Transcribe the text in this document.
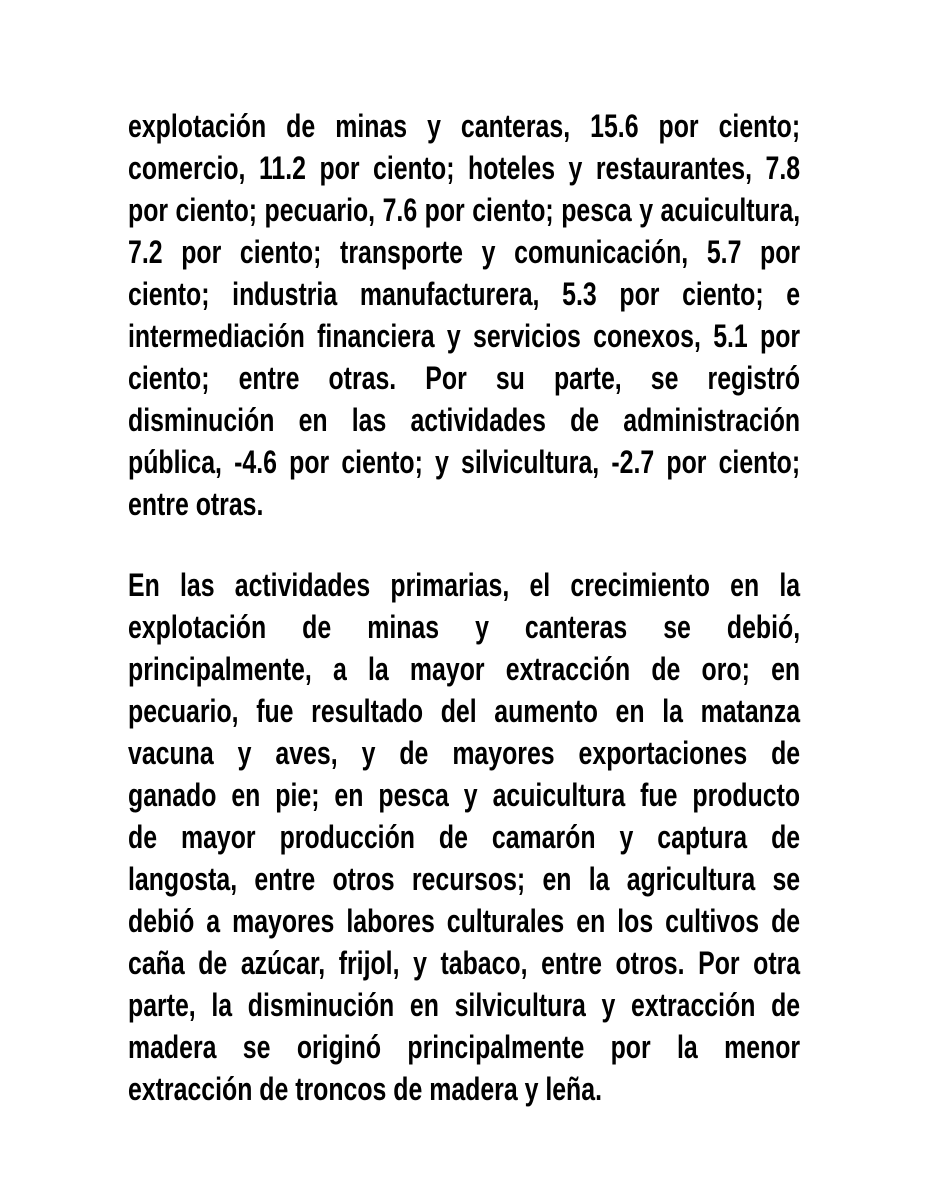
explotación de minas y canteras, 15.6 por ciento;
comercio, 11.2 por ciento; hoteles y restaurantes, 7.8
por ciento; pecuario, 7.6 por ciento; pesca y acuicultura,
7.2 por ciento; transporte y comunicación, 5.7 por
ciento; industria manufacturera, 5.3 por ciento; e
intermediación financiera y servicios conexos, 5.1 por
ciento; entre otras. Por su parte, se registró
disminución en las actividades de administración
pública, -4.6 por ciento; y silvicultura, -2.7 por ciento;
entre otras.
En las actividades primarias, el crecimiento en la
explotación de minas y canteras se debió,
principalmente, a la mayor extracción de oro; en
pecuario, fue resultado del aumento en la matanza
vacuna y aves, y de mayores exportaciones de
ganado en pie; en pesca y acuicultura fue producto
de mayor producción de camarón y captura de
langosta, entre otros recursos; en la agricultura se
debió a mayores labores culturales en los cultivos de
caña de azúcar, frijol, y tabaco, entre otros. Por otra
parte, la disminución en silvicultura y extracción de
madera se originó principalmente por la menor
extracción de troncos de madera y leña.
